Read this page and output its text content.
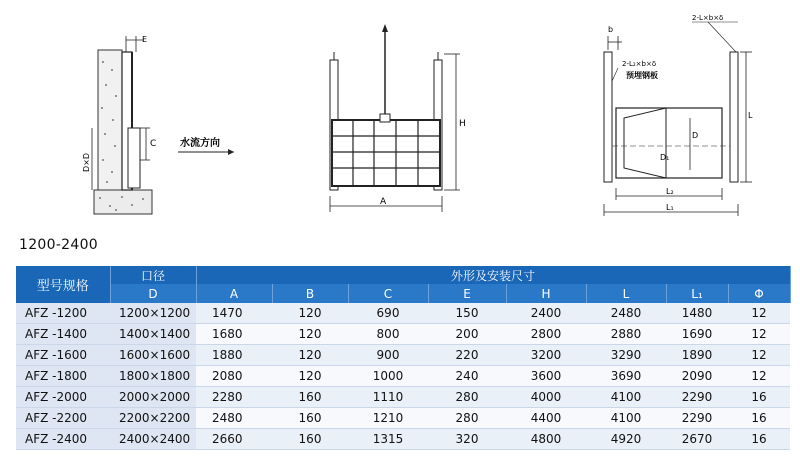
E
C
D×D
水流方向
H
A
b
2-L×b×δ
2-L₂×b×δ
预埋钢板
D
D₁
L
L₂
L₁
1200-2400
型号规格	口径	外形及安装尺寸							
	D	A	B	C	E	H	L	L₁	Φ
AFZ -1200	1200×1200	1470	120	690	150	2400	2480	1480	12
AFZ -1400	1400×1400	1680	120	800	200	2800	2880	1690	12
AFZ -1600	1600×1600	1880	120	900	220	3200	3290	1890	12
AFZ -1800	1800×1800	2080	120	1000	240	3600	3690	2090	12
AFZ -2000	2000×2000	2280	160	1110	280	4000	4100	2290	16
AFZ -2200	2200×2200	2480	160	1210	280	4400	4100	2290	16
AFZ -2400	2400×2400	2660	160	1315	320	4800	4920	2670	16
